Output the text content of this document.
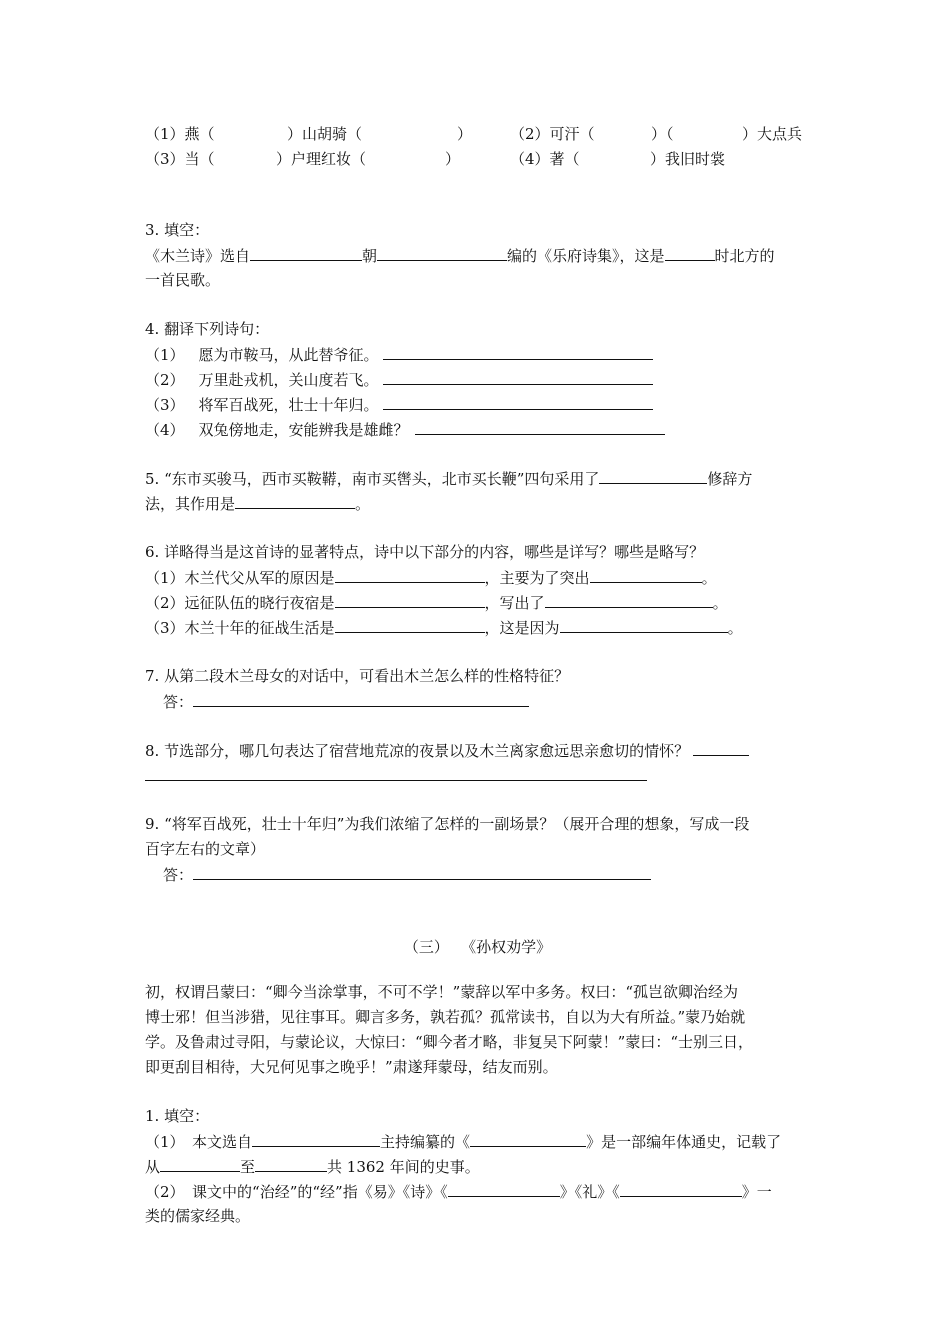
（1）燕（	）山胡骑（	）	（2）可汗（	）（	）大点兵
（3）当（	）户理红妆（	）	（4）著（	）我旧时裳
3. 填空：
《木兰诗》选自	朝	编的《乐府诗集》，这是	时北方的
一首民歌。
4. 翻译下列诗句：
（1） 愿为市鞍马，从此替爷征。
（2） 万里赴戎机，关山度若飞。
（3） 将军百战死，壮士十年归。
（4） 双兔傍地走，安能辨我是雄雌？
5. “东市买骏马，西市买鞍鞯，南市买辔头，北市买长鞭”四句采用了	修辞方
法，其作用是	。
6. 详略得当是这首诗的显著特点，诗中以下部分的内容，哪些是详写？哪些是略写？
（1）木兰代父从军的原因是	，主要为了突出	。
（2）远征队伍的晓行夜宿是	，写出了	。
（3）木兰十年的征战生活是	，这是因为	。
7. 从第二段木兰母女的对话中，可看出木兰怎么样的性格特征？
答：
8. 节选部分，哪几句表达了宿营地荒凉的夜景以及木兰离家愈远思亲愈切的情怀？
9. “将军百战死，壮士十年归”为我们浓缩了怎样的一副场景？（展开合理的想象，写成一段
百字左右的文章）
答：
（三）　 《孙权劝学》
初，权谓吕蒙曰：“卿今当涂掌事，不可不学！”蒙辞以军中多务。权曰：“孤岂欲卿治经为
博士邪！但当涉猎，见往事耳。卿言多务，孰若孤？孤常读书，自以为大有所益。”蒙乃始就
学。及鲁肃过寻阳，与蒙论议，大惊曰：“卿今者才略，非复吴下阿蒙！”蒙曰：“士别三日，
即更刮目相待，大兄何见事之晚乎！”肃遂拜蒙母，结友而别。
1. 填空：
（1）　本文选自	主持编纂的《	》是一部编年体通史，记载了
从	至	共 1362 年间的史事。
（2）　课文中的“治经”的“经”指《易》《诗》《	》《礼》《	》一
类的儒家经典。
